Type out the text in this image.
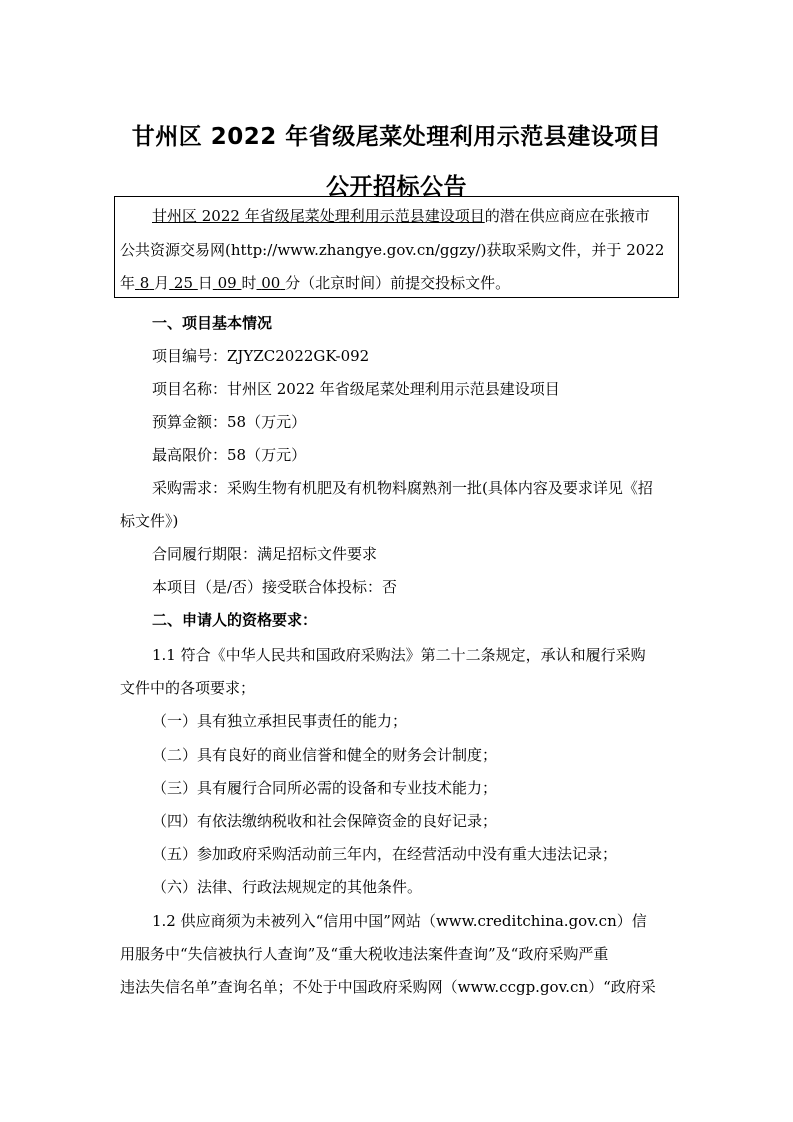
甘州区 2022 年省级尾菜处理利用示范县建设项目
公开招标公告
甘州区 2022 年省级尾菜处理利用示范县建设项目的潜在供应商应在张掖市
公共资源交易网(http://www.zhangye.gov.cn/ggzy/)获取采购文件，并于 2022
年 8 月 25 日 09 时 00 分（北京时间）前提交投标文件。
一、项目基本情况
项目编号：ZJYZC2022GK-092
项目名称：甘州区 2022 年省级尾菜处理利用示范县建设项目
预算金额：58（万元）
最高限价：58（万元）
采购需求：采购生物有机肥及有机物料腐熟剂一批(具体内容及要求详见《招
标文件》)
合同履行期限：满足招标文件要求
本项目（是/否）接受联合体投标：否
二、申请人的资格要求：
1.1 符合《中华人民共和国政府采购法》第二十二条规定，承认和履行采购
文件中的各项要求；
（一）具有独立承担民事责任的能力；
（二）具有良好的商业信誉和健全的财务会计制度；
（三）具有履行合同所必需的设备和专业技术能力；
（四）有依法缴纳税收和社会保障资金的良好记录；
（五）参加政府采购活动前三年内，在经营活动中没有重大违法记录；
（六）法律、行政法规规定的其他条件。
1.2 供应商须为未被列入“信用中国”网站（www.creditchina.gov.cn）信
用服务中“失信被执行人查询”及“重大税收违法案件查询”及“政府采购严重
违法失信名单”查询名单；不处于中国政府采购网（www.ccgp.gov.cn）“政府采
